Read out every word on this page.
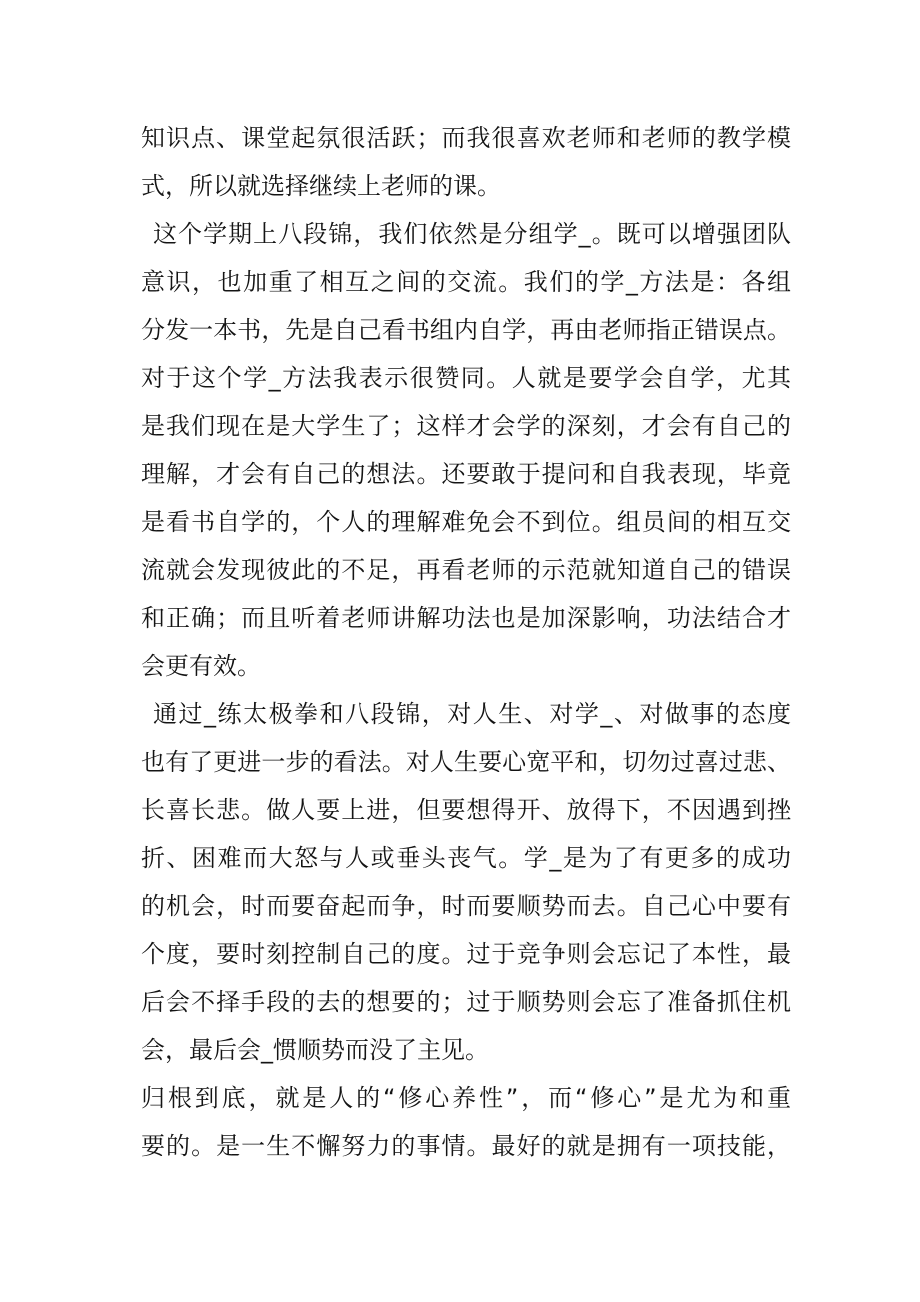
知识点、课堂起氛很活跃；而我很喜欢老师和老师的教学模
式，所以就选择继续上老师的课。
这个学期上八段锦，我们依然是分组学_。既可以增强团队
意识，也加重了相互之间的交流。我们的学_方法是：各组
分发一本书，先是自己看书组内自学，再由老师指正错误点。
对于这个学_方法我表示很赞同。人就是要学会自学，尤其
是我们现在是大学生了；这样才会学的深刻，才会有自己的
理解，才会有自己的想法。还要敢于提问和自我表现，毕竟
是看书自学的，个人的理解难免会不到位。组员间的相互交
流就会发现彼此的不足，再看老师的示范就知道自己的错误
和正确；而且听着老师讲解功法也是加深影响，功法结合才
会更有效。
通过_练太极拳和八段锦，对人生、对学_、对做事的态度
也有了更进一步的看法。对人生要心宽平和，切勿过喜过悲、
长喜长悲。做人要上进，但要想得开、放得下，不因遇到挫
折、困难而大怒与人或垂头丧气。学_是为了有更多的成功
的机会，时而要奋起而争，时而要顺势而去。自己心中要有
个度，要时刻控制自己的度。过于竞争则会忘记了本性，最
后会不择手段的去的想要的；过于顺势则会忘了准备抓住机
会，最后会_惯顺势而没了主见。
归根到底，就是人的“修心养性”，而“修心”是尤为和重
要的。是一生不懈努力的事情。最好的就是拥有一项技能，
